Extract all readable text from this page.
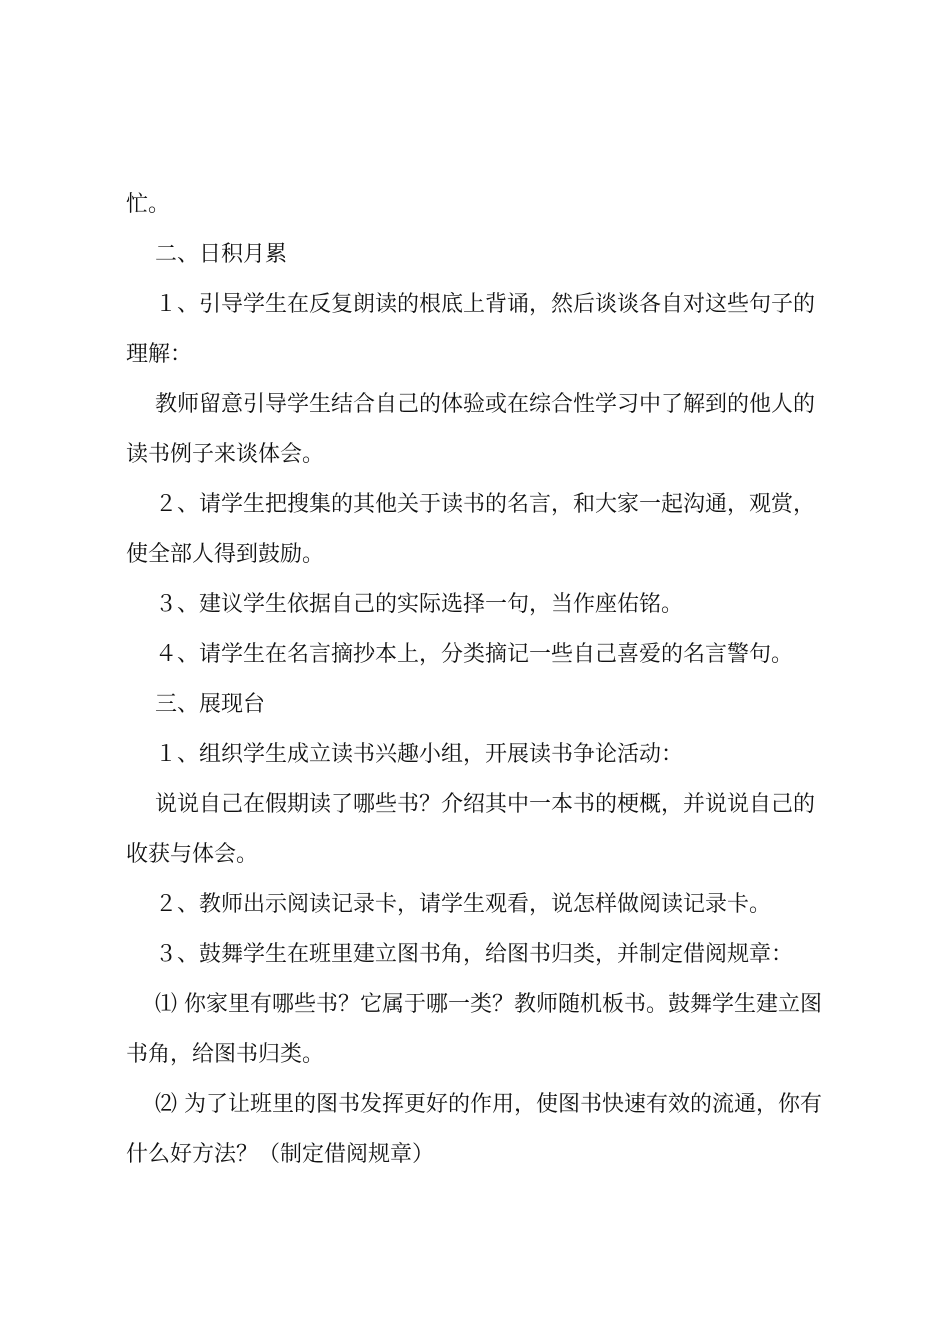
忙。
二、日积月累
１、引导学生在反复朗读的根底上背诵，然后谈谈各自对这些句子的
理解：
教师留意引导学生结合自己的体验或在综合性学习中了解到的他人的
读书例子来谈体会。
２、请学生把搜集的其他关于读书的名言，和大家一起沟通，观赏，
使全部人得到鼓励。
３、建议学生依据自己的实际选择一句，当作座佑铭。
４、请学生在名言摘抄本上，分类摘记一些自己喜爱的名言警句。
三、展现台
１、组织学生成立读书兴趣小组，开展读书争论活动：
说说自己在假期读了哪些书？介绍其中一本书的梗概，并说说自己的
收获与体会。
２、教师出示阅读记录卡，请学生观看，说怎样做阅读记录卡。
３、鼓舞学生在班里建立图书角，给图书归类，并制定借阅规章：
⑴ 你家里有哪些书？它属于哪一类？教师随机板书。鼓舞学生建立图
书角，给图书归类。
⑵ 为了让班里的图书发挥更好的作用，使图书快速有效的流通，你有
什么好方法？（制定借阅规章）
